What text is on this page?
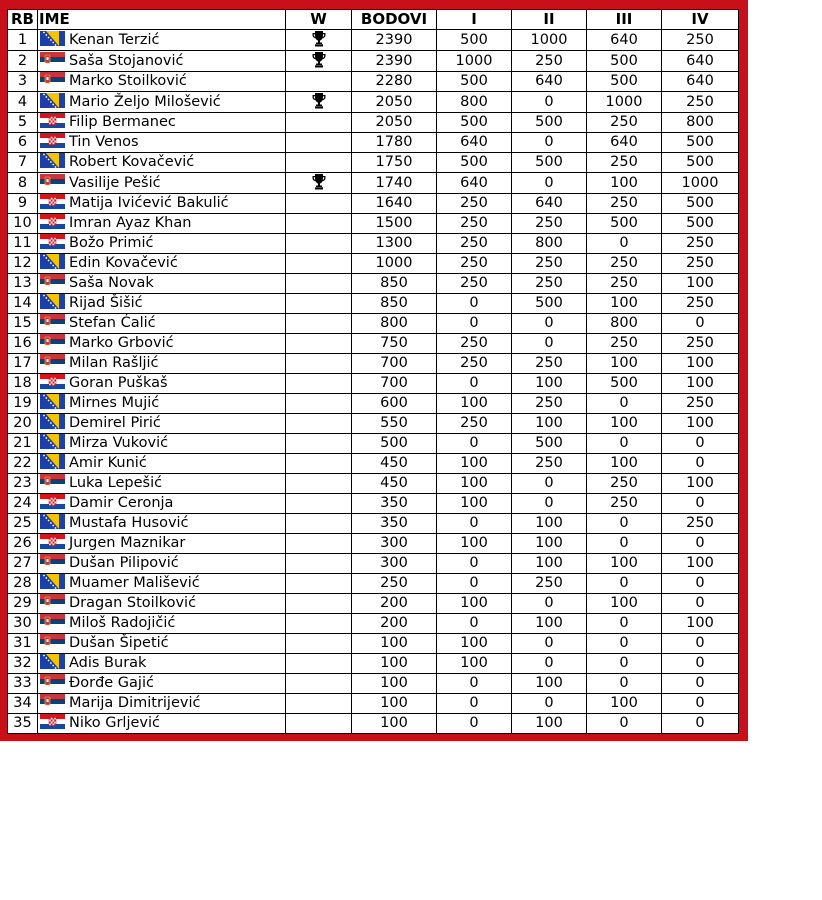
RB	IME	W	BODOVI	I	II	III	IV
1	Kenan Terzić		2390	500	1000	640	250
2	Saša Stojanović		2390	1000	250	500	640
3	Marko Stoilković		2280	500	640	500	640
4	Mario Željo Milošević		2050	800	0	1000	250
5	Filip Bermanec		2050	500	500	250	800
6	Tin Venos		1780	640	0	640	500
7	Robert Kovačević		1750	500	500	250	500
8	Vasilije Pešić		1740	640	0	100	1000
9	Matija Ivićević Bakulić		1640	250	640	250	500
10	Imran Ayaz Khan		1500	250	250	500	500
11	Božo Primić		1300	250	800	0	250
12	Edin Kovačević		1000	250	250	250	250
13	Saša Novak		850	250	250	250	100
14	Rijad Šišić		850	0	500	100	250
15	Stefan Ćalić		800	0	0	800	0
16	Marko Grbović		750	250	0	250	250
17	Milan Rašljić		700	250	250	100	100
18	Goran Puškaš		700	0	100	500	100
19	Mirnes Mujić		600	100	250	0	250
20	Demirel Pirić		550	250	100	100	100
21	Mirza Vuković		500	0	500	0	0
22	Amir Kunić		450	100	250	100	0
23	Luka Lepešić		450	100	0	250	100
24	Damir Ceronja		350	100	0	250	0
25	Mustafa Husović		350	0	100	0	250
26	Jurgen Maznikar		300	100	100	0	0
27	Dušan Pilipović		300	0	100	100	100
28	Muamer Mališević		250	0	250	0	0
29	Dragan Stoilković		200	100	0	100	0
30	Miloš Radojičić		200	0	100	0	100
31	Dušan Šipetić		100	100	0	0	0
32	Adis Burak		100	100	0	0	0
33	Đorđe Gajić		100	0	100	0	0
34	Marija Dimitrijević		100	0	0	100	0
35	Niko Grljević		100	0	100	0	0
